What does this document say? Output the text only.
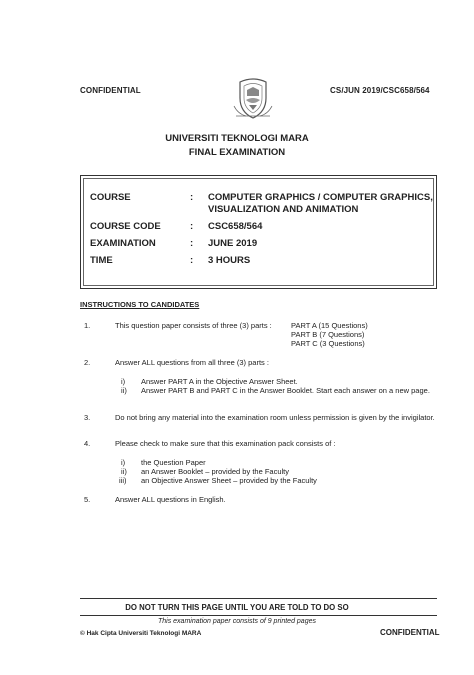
CONFIDENTIAL	CS/JUN 2019/CSC658/564
UNIVERSITI TEKNOLOGI MARA
FINAL EXAMINATION
COURSE	: COMPUTER GRAPHICS / COMPUTER GRAPHICS, VISUALIZATION AND ANIMATION
COURSE CODE	: CSC658/564
EXAMINATION	: JUNE 2019
TIME	: 3 HOURS
INSTRUCTIONS TO CANDIDATES
1.	This question paper consists of three (3) parts :	PART A (15 Questions)
PART B (7 Questions)
PART C (3 Questions)
2.	Answer ALL questions from all three (3) parts :
i) Answer PART A in the Objective Answer Sheet.
ii) Answer PART B and PART C in the Answer Booklet. Start each answer on a new page.
3.	Do not bring any material into the examination room unless permission is given by the invigilator.
4.	Please check to make sure that this examination pack consists of :
i) the Question Paper
ii) an Answer Booklet – provided by the Faculty
iii) an Objective Answer Sheet – provided by the Faculty
5.	Answer ALL questions in English.
DO NOT TURN THIS PAGE UNTIL YOU ARE TOLD TO DO SO
This examination paper consists of 9 printed pages
© Hak Cipta Universiti Teknologi MARA	CONFIDENTIAL
